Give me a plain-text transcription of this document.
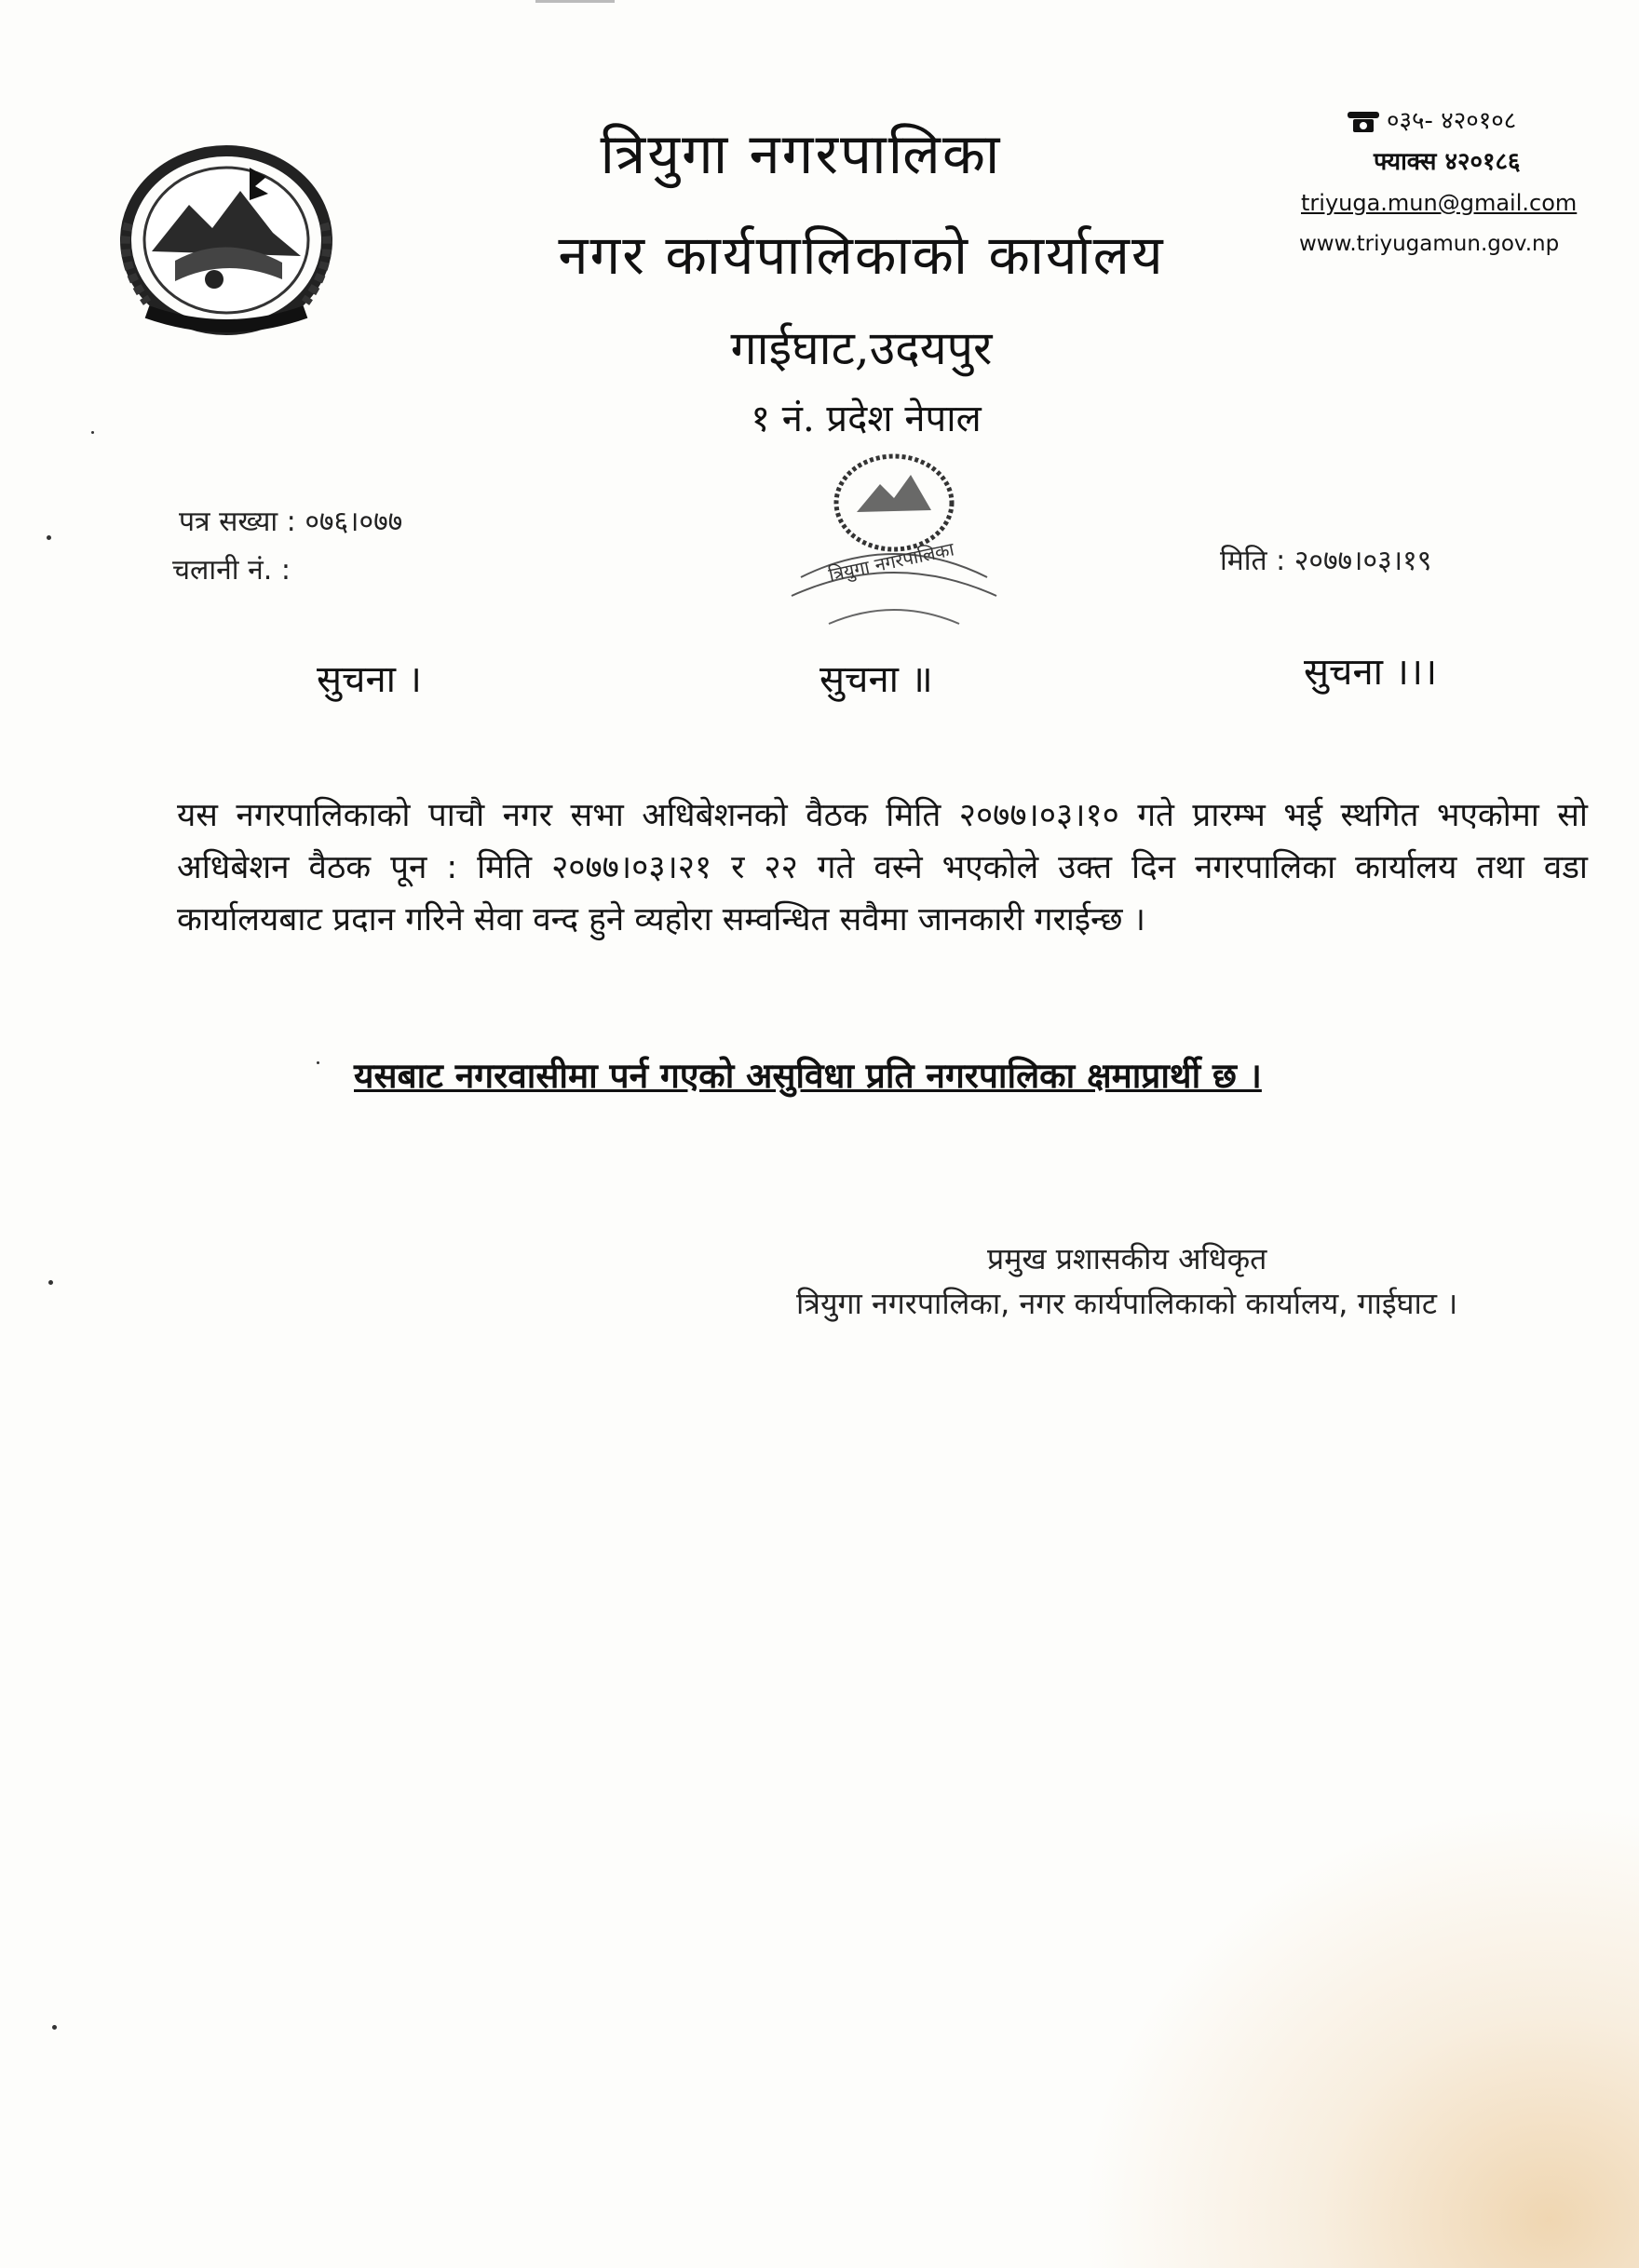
त्रियुगा नगरपालिका
नगर कार्यपालिकाको कार्यालय
गाईघाट,उदयपुर
१ नं. प्रदेश नेपाल
०३५- ४२०१०८
फ्याक्स ४२०१८६
triyuga.mun@gmail.com
www.triyugamun.gov.np
पत्र सख्या : ०७६।०७७
चलानी नं. :	मिति : २०७७।०३।१९
त्रियुगा नगरपालिका
सुचना ।	सुचना ॥	सुचना ।।।
यस नगरपालिकाको पाचौ नगर सभा अधिबेशनको वैठक मिति २०७७।०३।१० गते प्रारम्भ भई स्थगित भएकोमा सो अधिबेशन वैठक पून : मिति २०७७।०३।२१ र २२ गते वस्ने भएकोले उक्त दिन नगरपालिका कार्यालय तथा वडा कार्यालयबाट प्रदान गरिने सेवा वन्द हुने व्यहोरा सम्वन्धित सवैमा जानकारी गराईन्छ ।
यसबाट नगरवासीमा पर्न गएको असुविधा प्रति नगरपालिका क्षमाप्रार्थी छ ।
प्रमुख प्रशासकीय अधिकृत
त्रियुगा नगरपालिका, नगर कार्यपालिकाको कार्यालय, गाईघाट ।
